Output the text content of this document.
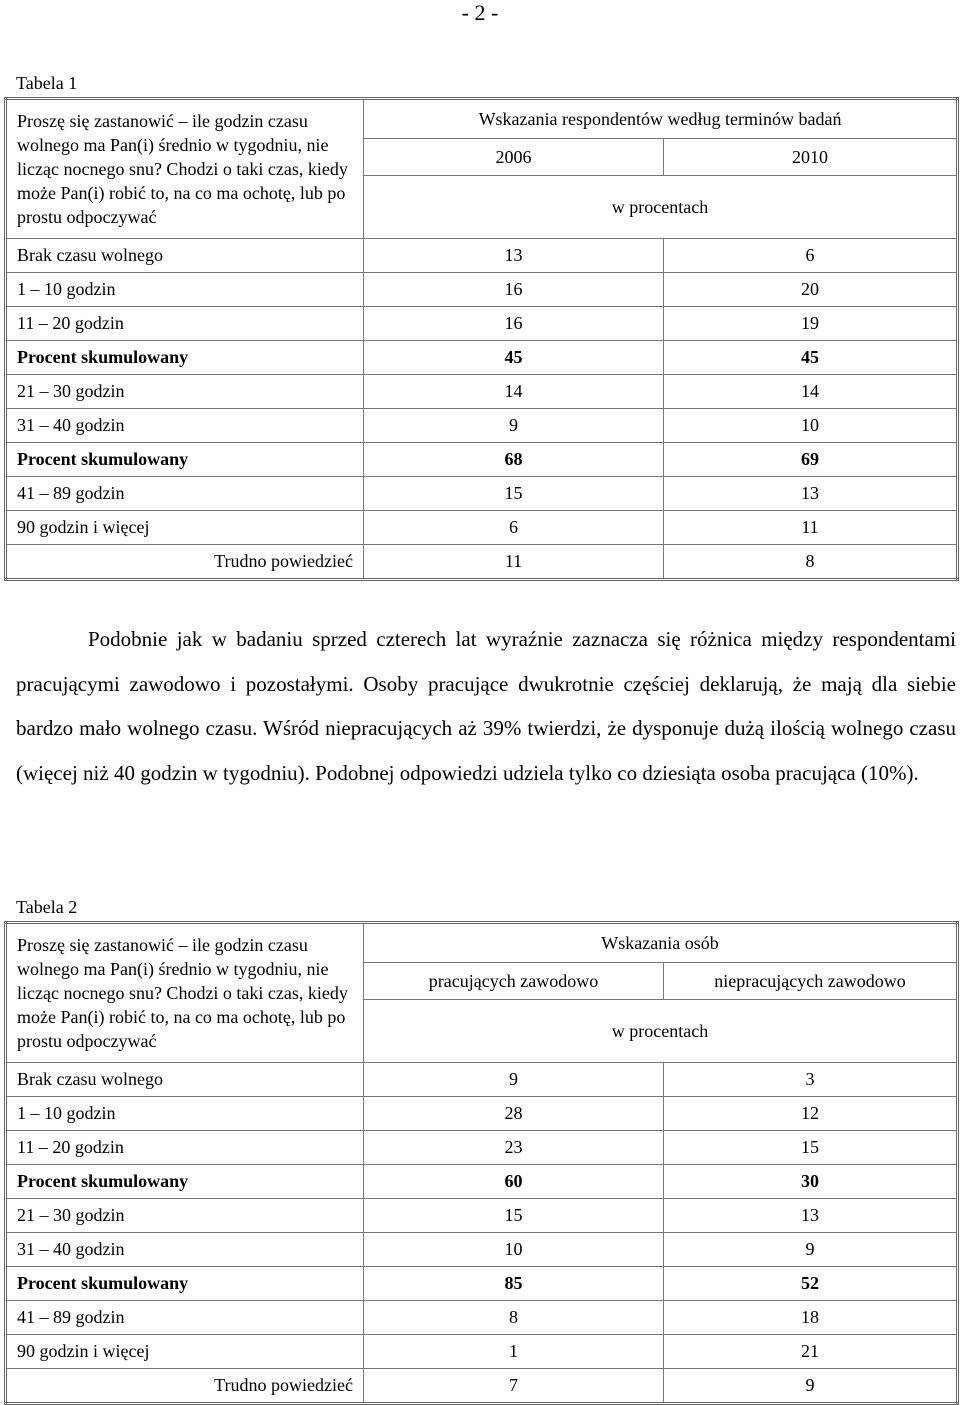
- 2 -
Tabela 1
Proszę się zastanowić – ile godzin czasu wolnego ma Pan(i) średnio w tygodniu, nie licząc nocnego snu? Chodzi o taki czas, kiedy może Pan(i) robić to, na co ma ochotę, lub po prostu odpoczywać	Wskazania respondentów według terminów badań	
	2006	2010
	w procentach	
Brak czasu wolnego	13	6
1 – 10 godzin	16	20
11 – 20 godzin	16	19
Procent skumulowany	45	45
21 – 30 godzin	14	14
31 – 40 godzin	9	10
Procent skumulowany	68	69
41 – 89 godzin	15	13
90 godzin i więcej	6	11
Trudno powiedzieć	11	8
Podobnie jak w badaniu sprzed czterech lat wyraźnie zaznacza się różnica między respondentami pracującymi zawodowo i pozostałymi. Osoby pracujące dwukrotnie częściej deklarują, że mają dla siebie bardzo mało wolnego czasu. Wśród niepracujących aż 39% twierdzi, że dysponuje dużą ilością wolnego czasu (więcej niż 40 godzin w tygodniu). Podobnej odpowiedzi udziela tylko co dziesiąta osoba pracująca (10%).
Tabela 2
Proszę się zastanowić – ile godzin czasu wolnego ma Pan(i) średnio w tygodniu, nie licząc nocnego snu? Chodzi o taki czas, kiedy może Pan(i) robić to, na co ma ochotę, lub po prostu odpoczywać	Wskazania osób	
	pracujących zawodowo	niepracujących zawodowo
	w procentach	
Brak czasu wolnego	9	3
1 – 10 godzin	28	12
11 – 20 godzin	23	15
Procent skumulowany	60	30
21 – 30 godzin	15	13
31 – 40 godzin	10	9
Procent skumulowany	85	52
41 – 89 godzin	8	18
90 godzin i więcej	1	21
Trudno powiedzieć	7	9
